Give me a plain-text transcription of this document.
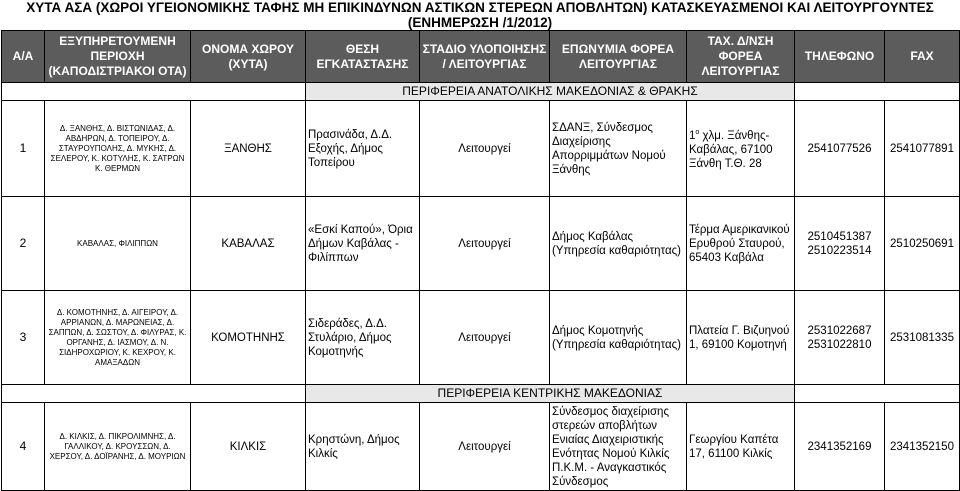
ΧΥΤΑ ΑΣΑ (ΧΩΡΟΙ ΥΓΕΙΟΝΟΜΙΚΗΣ ΤΑΦΗΣ ΜΗ ΕΠΙΚΙΝΔΥΝΩΝ ΑΣΤΙΚΩΝ ΣΤΕΡΕΩΝ ΑΠΟΒΛΗΤΩΝ) ΚΑΤΑΣΚΕΥΑΣΜΕΝΟΙ ΚΑΙ ΛΕΙΤΟΥΡΓΟΥΝΤΕΣ
(ΕΝΗΜΕΡΩΣΗ /1/2012)
Α/Α	ΕΞΥΠΗΡΕΤΟΥΜΕΝΗ ΠΕΡΙΟΧΗ (ΚΑΠΟΔΙΣΤΡΙΑΚΟΙ ΟΤΑ)	ΟΝΟΜΑ ΧΩΡΟΥ (ΧΥΤΑ)	ΘΕΣΗ ΕΓΚΑΤΑΣΤΑΣΗΣ	ΣΤΑΔΙΟ ΥΛΟΠΟΙΗΣΗΣ / ΛΕΙΤΟΥΡΓΙΑΣ	ΕΠΩΝΥΜΙΑ ΦΟΡΕΑ ΛΕΙΤΟΥΡΓΙΑΣ	ΤΑΧ. Δ/ΝΣΗ ΦΟΡΕΑ ΛΕΙΤΟΥΡΓΙΑΣ	ΤΗΛΕΦΩΝΟ	FAX
			ΠΕΡΙΦΕΡΕΙΑ ΑΝΑΤΟΛΙΚΗΣ ΜΑΚΕΔΟΝΙΑΣ & ΘΡΑΚΗΣ					
1	Δ. ΞΑΝΘΗΣ, Δ. ΒΙΣΤΩΝΙΔΑΣ, Δ. ΑΒΔΗΡΩΝ, Δ. ΤΟΠΕΙΡΟΥ, Δ. ΣΤΑΥΡΟΥΠΟΛΗΣ, Δ. ΜΥΚΗΣ, Δ. ΣΕΛΕΡΟΥ, Κ. ΚΟΤΥΛΗΣ, Κ. ΣΑΤΡΩΝ Κ. ΘΕΡΜΩΝ	ΞΑΝΘΗΣ	Πρασινάδα, Δ.Δ. Εξοχής, Δήμος Τοπείρου	Λειτουργεί	ΣΔΑΝΞ, Σύνδεσμος Διαχείρισης Απορριμμάτων Νομού Ξάνθης	$1^o$ χλμ. Ξάνθης-Καβάλας, 67100 Ξάνθη Τ.Θ. 28	2541077526	2541077891
2	ΚΑΒΑΛΑΣ, ΦΙΛΙΠΠΩΝ	ΚΑΒΑΛΑΣ	«Εσκί Καπού», Όρια Δήμων Καβάλας - Φιλίππων	Λειτουργεί	Δήμος Καβάλας (Υπηρεσία καθαριότητας)	Τέρμα Αμερικανικού Ερυθρού Σταυρού, 65403 Καβάλα	2510451387 2510223514	2510250691
3	Δ. ΚΟΜΟΤΗΝΗΣ, Δ. ΑΙΓΕΙΡΟΥ, Δ. ΑΡΡΙΑΝΩΝ, Δ. ΜΑΡΩΝΕΙΑΣ, Δ. ΣΑΠΠΩΝ, Δ. ΣΩΣΤΟΥ, Δ. ΦΙΛΥΡΑΣ, Κ. ΟΡΓΑΝΗΣ, Δ. ΙΑΣΜΟΥ, Δ. Ν. ΣΙΔΗΡΟΧΩΡΙΟΥ, Κ. ΚΕΧΡΟΥ, Κ. ΑΜΑΞΑΔΩΝ	ΚΟΜΟΤΗΝΗΣ	Σιδεράδες, Δ.Δ. Στυλάριο, Δήμος Κομοτηνής	Λειτουργεί	Δήμος Κομοτηνής (Υπηρεσία καθαριότητας)	Πλατεία Γ. Βιζυηνού 1, 69100 Κομοτηνή	2531022687 2531022810	2531081335
			ΠΕΡΙΦΕΡΕΙΑ ΚΕΝΤΡΙΚΗΣ ΜΑΚΕΔΟΝΙΑΣ					
4	Δ. ΚΙΛΚΙΣ, Δ. ΠΙΚΡΟΛΙΜΝΗΣ, Δ. ΓΑΛΛΙΚΟΥ, Δ. ΚΡΟΥΣΣΩΝ, Δ. ΧΕΡΣΟΥ, Δ. ΔΟΪΡΑΝΗΣ, Δ. ΜΟΥΡΙΩΝ	ΚΙΛΚΙΣ	Κρηστώνη, Δήμος Κιλκίς	Λειτουργεί	Σύνδεσμος διαχείρισης στερεών αποβλήτων Ενιαίας Διαχειριστικής Ενότητας Νομού Κιλκίς Π.Κ.Μ. - Αναγκαστικός Σύνδεσμος	Γεωργίου Καπέτα 17, 61100 Κιλκίς	2341352169	2341352150
